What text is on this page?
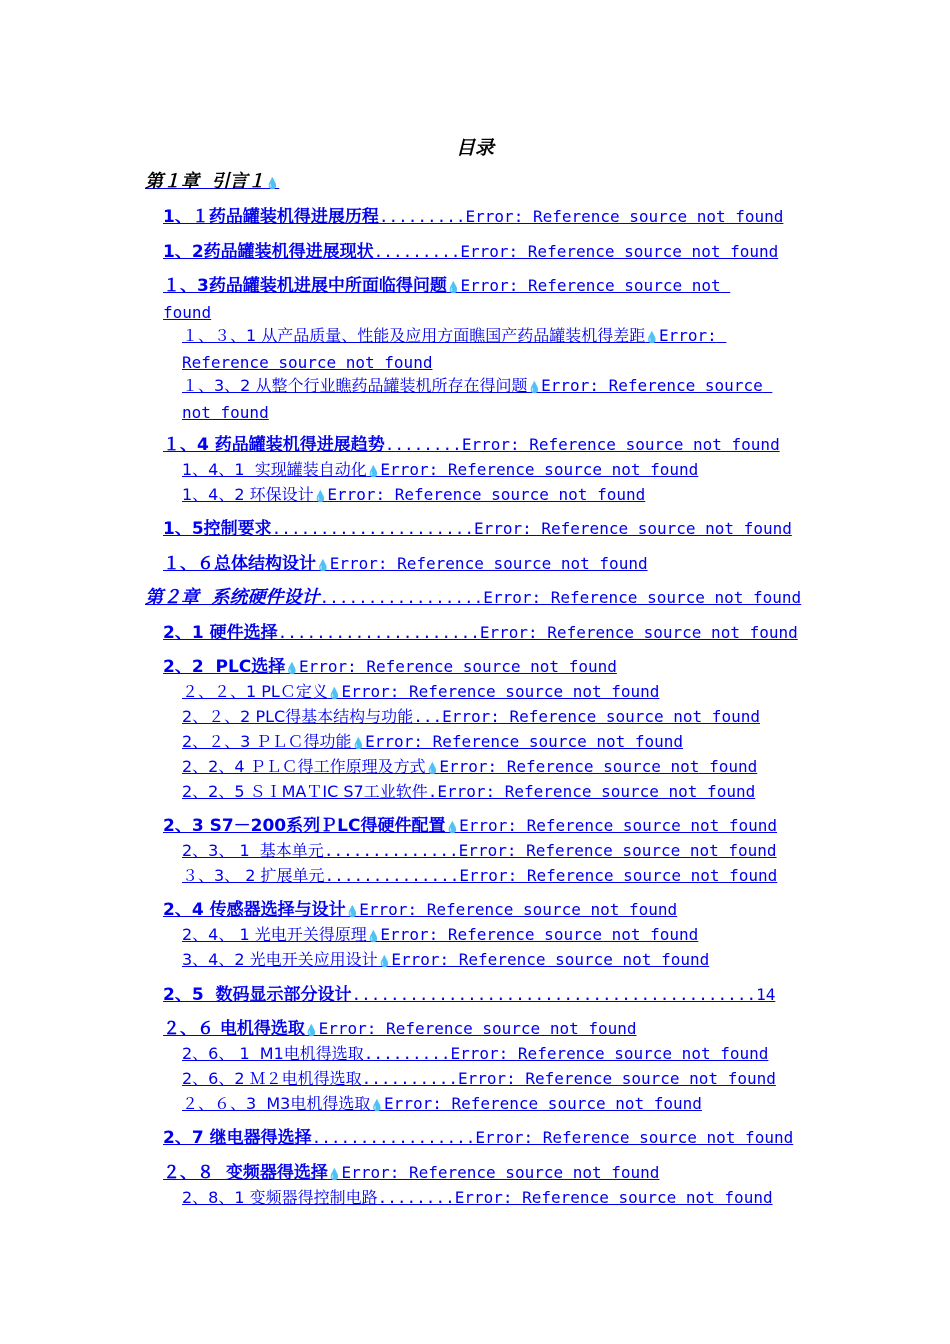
目录
第１章  引言１💧
1、１药品罐装机得进展历程.........Error: Reference source not found
1、2药品罐装机得进展现状.........Error: Reference source not found
１、3药品罐装机进展中所面临得问题💧Error: Reference source not found
１、３、1 从产品质量、性能及应用方面瞧国产药品罐装机得差距💧Error: Reference source not found
１、3、2 从整个行业瞧药品罐装机所存在得问题💧Error: Reference source not found
１、4 药品罐装机得进展趋势........Error: Reference source not found
1、4、1  实现罐装自动化💧Error: Reference source not found
1、4、2 环保设计💧Error: Reference source not found
1、5控制要求.....................Error: Reference source not found
１、６总体结构设计💧Error: Reference source not found
第２章  系统硬件设计.................Error: Reference source not found
2、1 硬件选择.....................Error: Reference source not found
2、2  PLC选择💧Error: Reference source not found
２、２、1 PLＣ定义💧Error: Reference source not found
2、２、2 PLC得基本结构与功能...Error: Reference source not found
2、２、3 ＰＬＣ得功能💧Error: Reference source not found
2、2、4 ＰＬＣ得工作原理及方式💧Error: Reference source not found
2、2、5 ＳＩMAＴIC S7工业软件.Error: Reference source not found
2、3 S7－200系列ＰLC得硬件配置💧Error: Reference source not found
2、3、 1  基本单元..............Error: Reference source not found
３、3、 2 扩展单元..............Error: Reference source not found
2、4 传感器选择与设计💧Error: Reference source not found
2、4、 1 光电开关得原理💧Error: Reference source not found
3、4、2 光电开关应用设计💧Error: Reference source not found
2、5  数码显示部分设计..........................................14
２、６ 电机得选取💧Error: Reference source not found
2、6、 1  M1电机得选取.........Error: Reference source not found
2、6、2 Ｍ２电机得选取..........Error: Reference source not found
２、６、3  M3电机得选取💧Error: Reference source not found
2、7 继电器得选择.................Error: Reference source not found
２、８  变频器得选择💧Error: Reference source not found
2、8、1 变频器得控制电路........Error: Reference source not found
